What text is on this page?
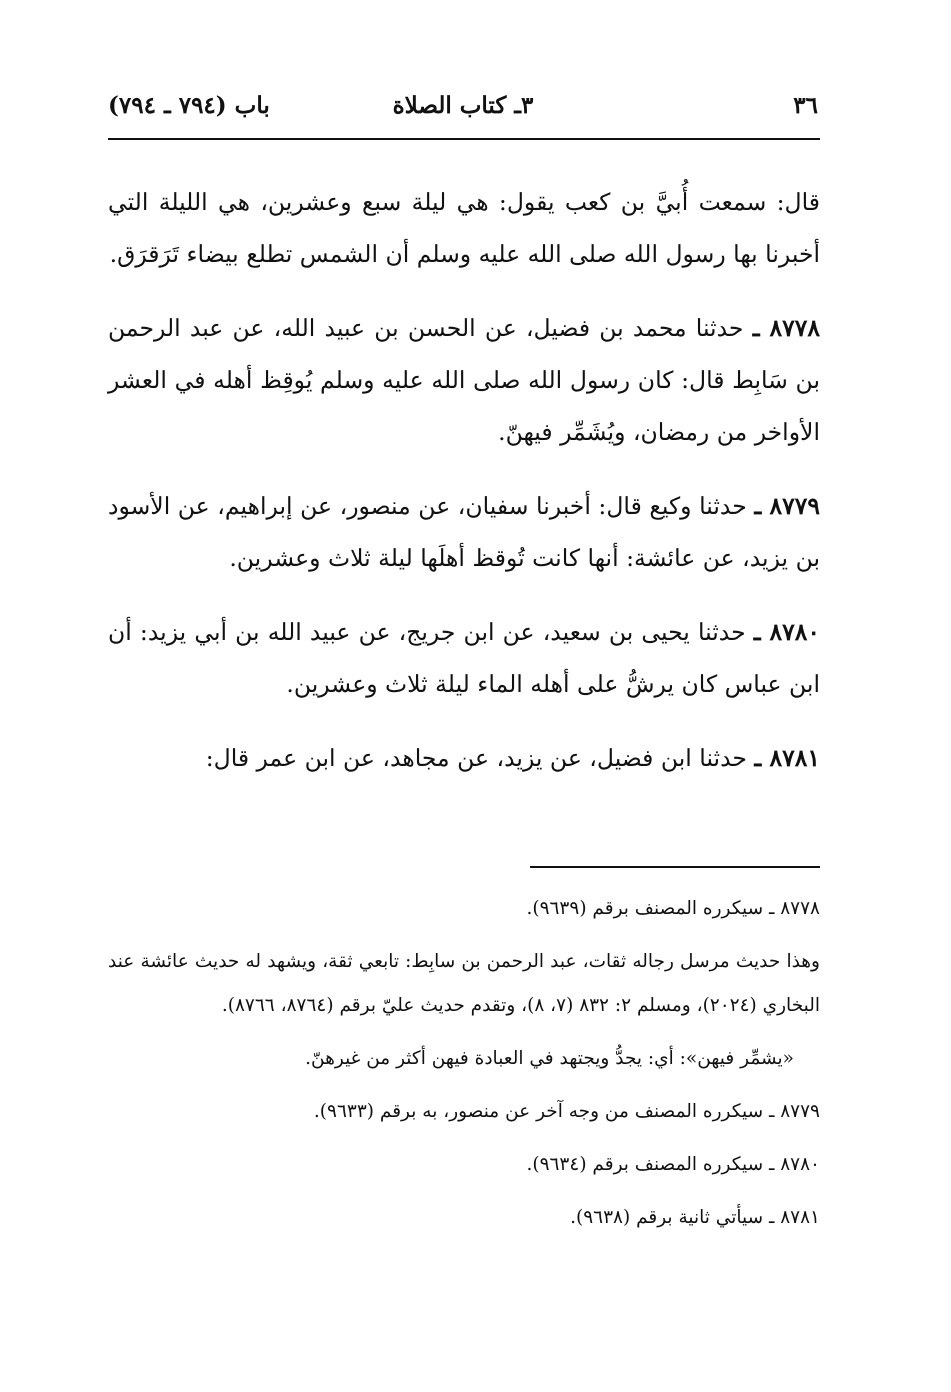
٣٦
٣ـ كتاب الصلاة
باب (٧٩٤ ـ ٧٩٤)

قال: سمعت أُبيَّ بن كعب يقول: هي ليلة سبع وعشرين، هي الليلة التي أخبرنا بها رسول الله صلى الله عليه وسلم أن الشمس تطلع بيضاء تَرَقرَق.

٨٧٧٨ ـ حدثنا محمد بن فضيل، عن الحسن بن عبيد الله، عن عبد الرحمن بن سَابِط قال: كان رسول الله صلى الله عليه وسلم يُوقِظ أهله في العشر الأواخر من رمضان، ويُشَمِّر فيهنّ.

٨٧٧٩ ـ حدثنا وكيع قال: أخبرنا سفيان، عن منصور، عن إبراهيم، عن الأسود بن يزيد، عن عائشة: أنها كانت تُوقظ أهلَها ليلة ثلاث وعشرين.

٨٧٨٠ ـ حدثنا يحيى بن سعيد، عن ابن جريج، عن عبيد الله بن أبي يزيد: أن ابن عباس كان يرشُّ على أهله الماء ليلة ثلاث وعشرين.

٨٧٨١ ـ حدثنا ابن فضيل، عن يزيد، عن مجاهد، عن ابن عمر قال:

٨٧٧٨ ـ سيكرره المصنف برقم (٩٦٣٩).

وهذا حديث مرسل رجاله ثقات، عبد الرحمن بن سابِط: تابعي ثقة، ويشهد له حديث عائشة عند البخاري (٢٠٢٤)، ومسلم ٢: ٨٣٢ (٧، ٨)، وتقدم حديث عليّ برقم (٨٧٦٤، ٨٧٦٦).

«يشمِّر فيهن»: أي: يجدُّ ويجتهد في العبادة فيهن أكثر من غيرهنّ.

٨٧٧٩ ـ سيكرره المصنف من وجه آخر عن منصور، به برقم (٩٦٣٣).

٨٧٨٠ ـ سيكرره المصنف برقم (٩٦٣٤).

٨٧٨١ ـ سيأتي ثانية برقم (٩٦٣٨).
